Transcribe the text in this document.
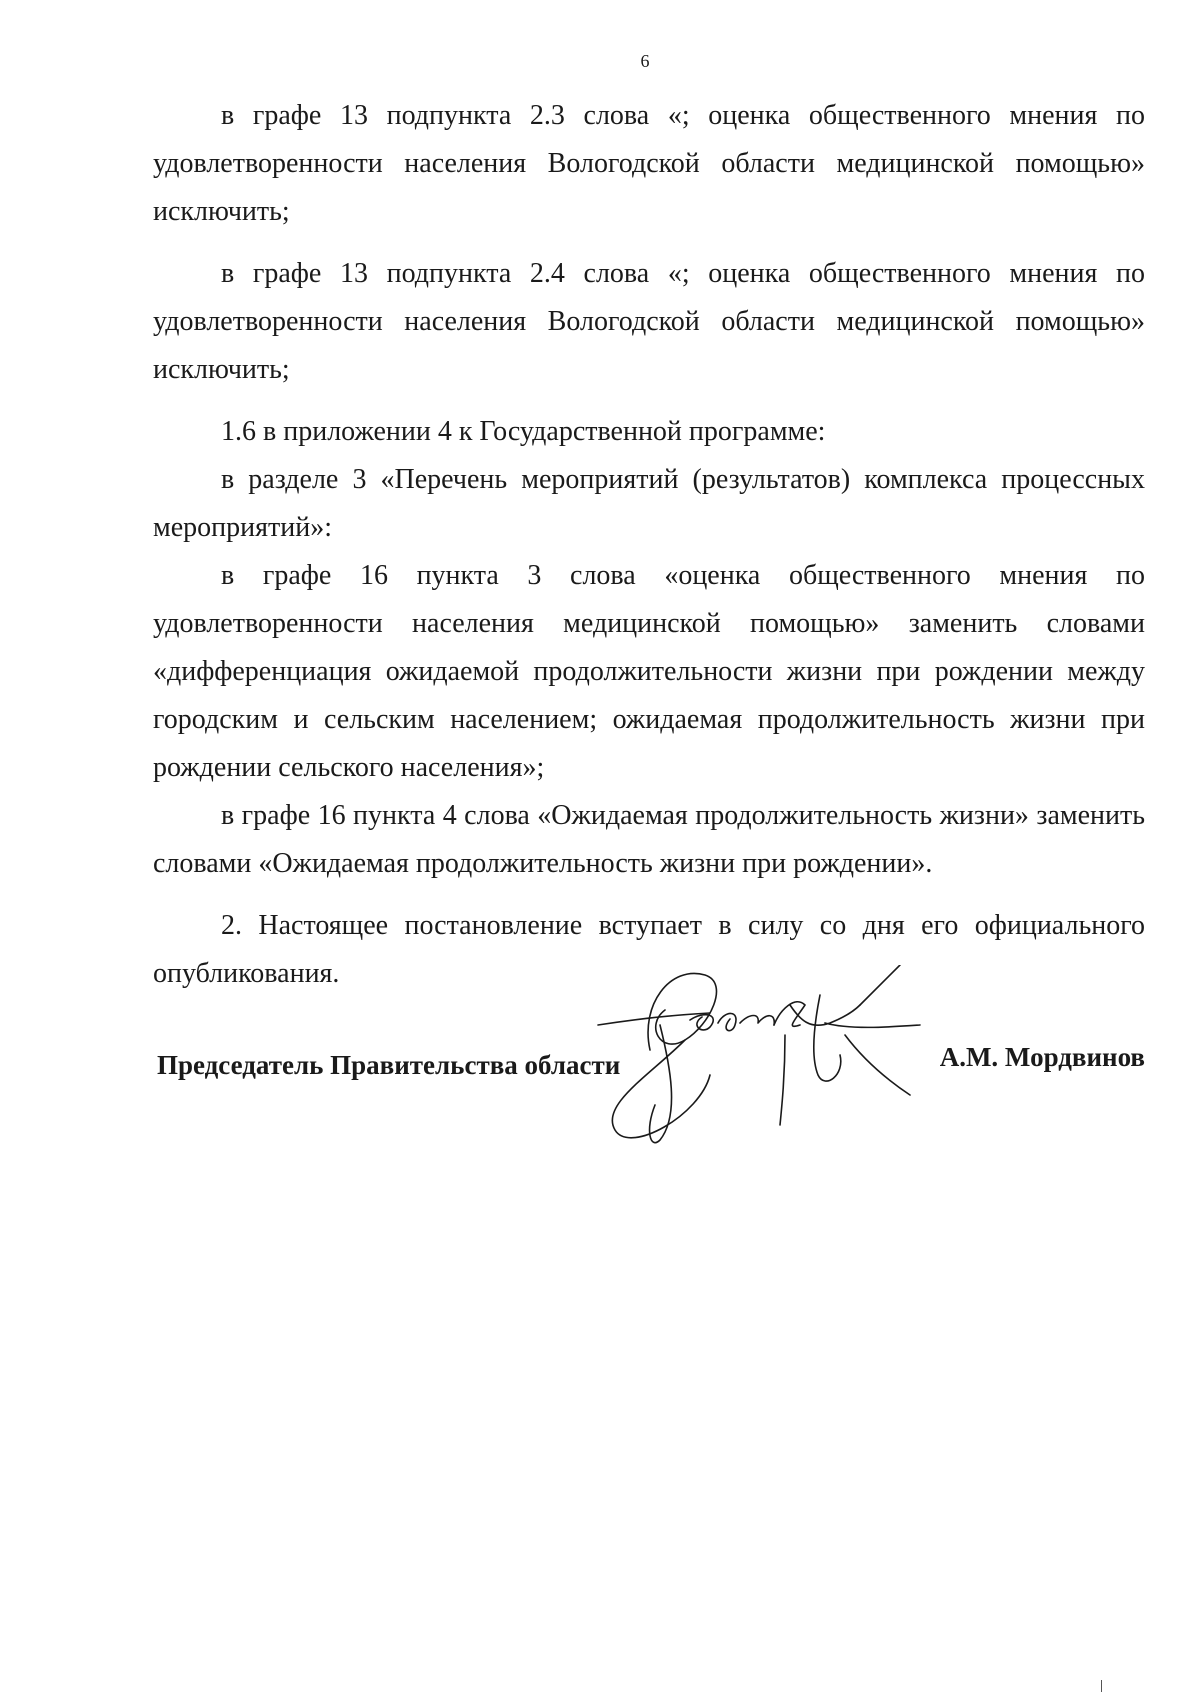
6

в графе 13 подпункта 2.3 слова «; оценка общественного мнения по удовлетворенности населения Вологодской области медицинской помощью» исключить;

в графе 13 подпункта 2.4 слова «; оценка общественного мнения по удовлетворенности населения Вологодской области медицинской помощью» исключить;

1.6 в приложении 4 к Государственной программе:

в разделе 3 «Перечень мероприятий (результатов) комплекса процессных мероприятий»:

в графе 16 пункта 3 слова «оценка общественного мнения по удовлетворенности населения медицинской помощью» заменить словами «дифференциация ожидаемой продолжительности жизни при рождении между городским и сельским населением; ожидаемая продолжительность жизни при рождении сельского населения»;

в графе 16 пункта 4 слова «Ожидаемая продолжительность жизни» заменить словами «Ожидаемая продолжительность жизни при рождении».

2. Настоящее постановление вступает в силу со дня его официального опубликования.

Председатель Правительства области	А.М. Мордвинов
